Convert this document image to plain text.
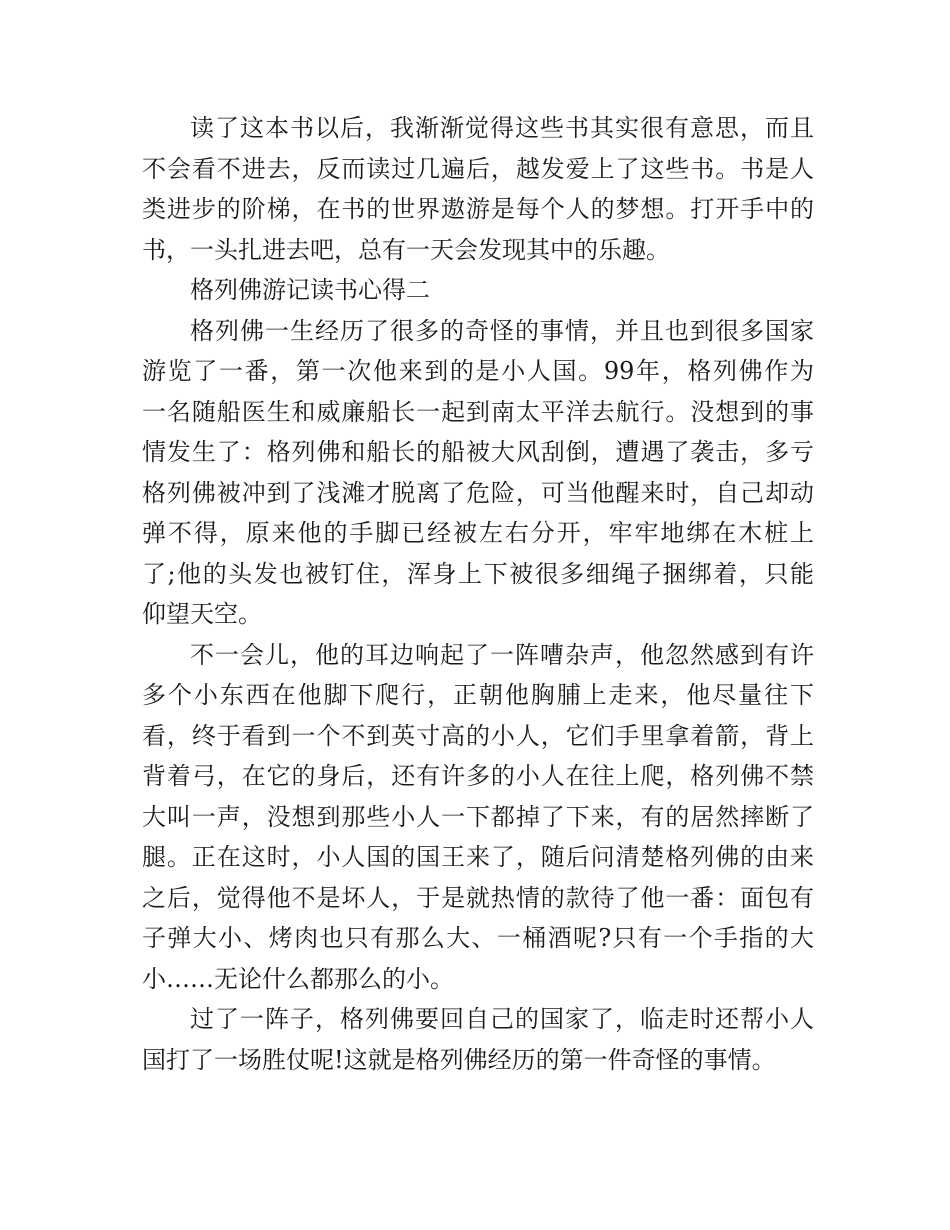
读了这本书以后，我渐渐觉得这些书其实很有意思，而且
不会看不进去，反而读过几遍后，越发爱上了这些书。书是人
类进步的阶梯，在书的世界遨游是每个人的梦想。打开手中的
书，一头扎进去吧，总有一天会发现其中的乐趣。
格列佛游记读书心得二
格列佛一生经历了很多的奇怪的事情，并且也到很多国家
游览了一番，第一次他来到的是小人国。99年，格列佛作为
一名随船医生和威廉船长一起到南太平洋去航行。没想到的事
情发生了：格列佛和船长的船被大风刮倒，遭遇了袭击，多亏
格列佛被冲到了浅滩才脱离了危险，可当他醒来时，自己却动
弹不得，原来他的手脚已经被左右分开，牢牢地绑在木桩上
了;他的头发也被钉住，浑身上下被很多细绳子捆绑着，只能
仰望天空。
不一会儿，他的耳边响起了一阵嘈杂声，他忽然感到有许
多个小东西在他脚下爬行，正朝他胸脯上走来，他尽量往下
看，终于看到一个不到英寸高的小人，它们手里拿着箭，背上
背着弓，在它的身后，还有许多的小人在往上爬，格列佛不禁
大叫一声，没想到那些小人一下都掉了下来，有的居然摔断了
腿。正在这时，小人国的国王来了，随后问清楚格列佛的由来
之后，觉得他不是坏人，于是就热情的款待了他一番：面包有
子弹大小、烤肉也只有那么大、一桶酒呢?只有一个手指的大
小……无论什么都那么的小。
过了一阵子，格列佛要回自己的国家了，临走时还帮小人
国打了一场胜仗呢!这就是格列佛经历的第一件奇怪的事情。
